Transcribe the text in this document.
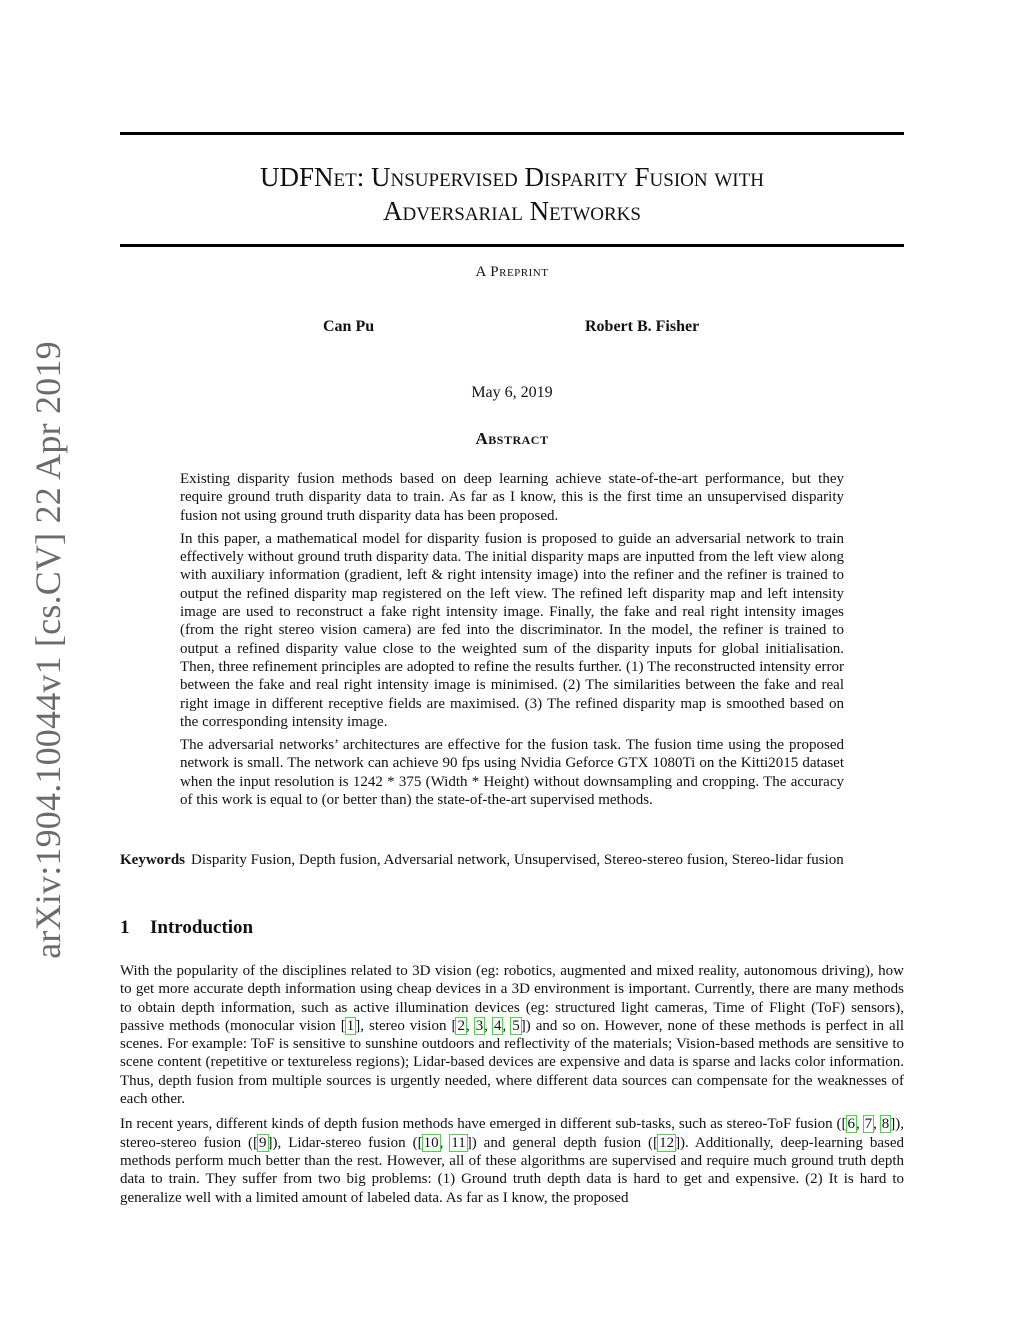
arXiv:1904.10044v1 [cs.CV] 22 Apr 2019
UDFNet: Unsupervised Disparity Fusion with
Adversarial Networks
A Preprint
Can Pu	Robert B. Fisher
May 6, 2019
Abstract

Existing disparity fusion methods based on deep learning achieve state-of-the-art performance, but they require ground truth disparity data to train. As far as I know, this is the first time an unsupervised disparity fusion not using ground truth disparity data has been proposed.

In this paper, a mathematical model for disparity fusion is proposed to guide an adversarial network to train effectively without ground truth disparity data. The initial disparity maps are inputted from the left view along with auxiliary information (gradient, left & right intensity image) into the refiner and the refiner is trained to output the refined disparity map registered on the left view. The refined left disparity map and left intensity image are used to reconstruct a fake right intensity image. Finally, the fake and real right intensity images (from the right stereo vision camera) are fed into the discriminator. In the model, the refiner is trained to output a refined disparity value close to the weighted sum of the disparity inputs for global initialisation. Then, three refinement principles are adopted to refine the results further. (1) The reconstructed intensity error between the fake and real right intensity image is minimised. (2) The similarities between the fake and real right image in different receptive fields are maximised. (3) The refined disparity map is smoothed based on the corresponding intensity image.

The adversarial networks’ architectures are effective for the fusion task. The fusion time using the proposed network is small. The network can achieve 90 fps using Nvidia Geforce GTX 1080Ti on the Kitti2015 dataset when the input resolution is 1242 * 375 (Width * Height) without downsampling and cropping. The accuracy of this work is equal to (or better than) the state-of-the-art supervised methods.

Keywords Disparity Fusion, Depth fusion, Adversarial network, Unsupervised, Stereo-stereo fusion, Stereo-lidar fusion
1 Introduction

With the popularity of the disciplines related to 3D vision (eg: robotics, augmented and mixed reality, autonomous driving), how to get more accurate depth information using cheap devices in a 3D environment is important. Currently, there are many methods to obtain depth information, such as active illumination devices (eg: structured light cameras, Time of Flight (ToF) sensors), passive methods (monocular vision [1], stereo vision [2, 3, 4, 5]) and so on. However, none of these methods is perfect in all scenes. For example: ToF is sensitive to sunshine outdoors and reflectivity of the materials; Vision-based methods are sensitive to scene content (repetitive or textureless regions); Lidar-based devices are expensive and data is sparse and lacks color information. Thus, depth fusion from multiple sources is urgently needed, where different data sources can compensate for the weaknesses of each other.

In recent years, different kinds of depth fusion methods have emerged in different sub-tasks, such as stereo-ToF fusion ([6, 7, 8]), stereo-stereo fusion ([9]), Lidar-stereo fusion ([10, 11]) and general depth fusion ([12]). Additionally, deep-learning based methods perform much better than the rest. However, all of these algorithms are supervised and require much ground truth depth data to train. They suffer from two big problems: (1) Ground truth depth data is hard to get and expensive. (2) It is hard to generalize well with a limited amount of labeled data. As far as I know, the proposed
